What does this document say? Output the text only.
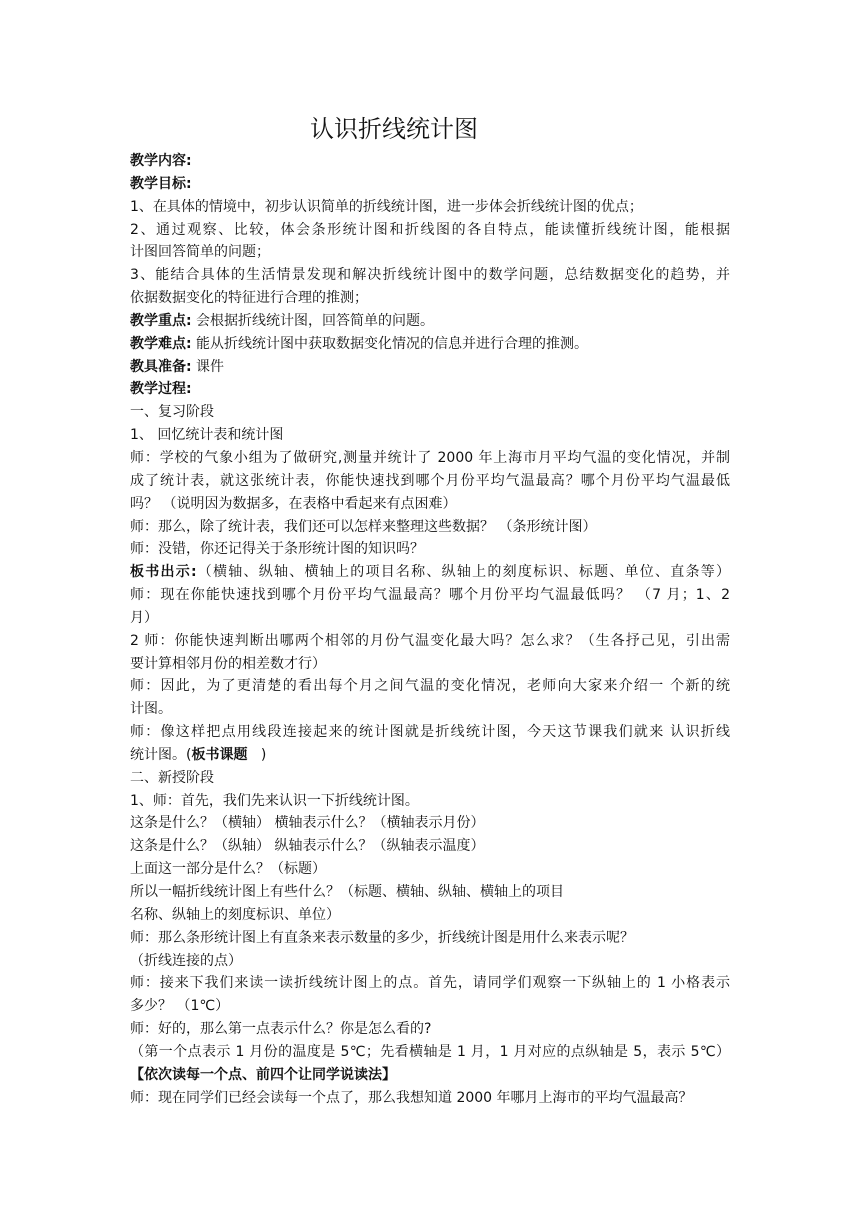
认识折线统计图
教学内容:
教学目标:
1、在具体的情境中，初步认识简单的折线统计图，进一步体会折线统计图的优点；
2、通过观察、比较，体会条形统计图和折线图的各自特点，能读懂折线统计图，能根据
计图回答简单的问题；
3、能结合具体的生活情景发现和解决折线统计图中的数学问题，总结数据变化的趋势，并
依据数据变化的特征进行合理的推测；
教学重点: 会根据折线统计图，回答简单的问题。
教学难点: 能从折线统计图中获取数据变化情况的信息并进行合理的推测。
教具准备: 课件
教学过程:
一、复习阶段
1、 回忆统计表和统计图
师：学校的气象小组为了做研究,测量并统计了 2000 年上海市月平均气温的变化情况，并制
成了统计表，就这张统计表，你能快速找到哪个月份平均气温最高？哪个月份平均气温最低
吗？ （说明因为数据多，在表格中看起来有点困难）
师：那么，除了统计表，我们还可以怎样来整理这些数据？ （条形统计图）
师：没错，你还记得关于条形统计图的知识吗？
板书出示:（横轴、纵轴、横轴上的项目名称、纵轴上的刻度标识、标题、单位、直条等）
师：现在你能快速找到哪个月份平均气温最高？哪个月份平均气温最低吗？ （7 月；1、2
月）
2 师：你能快速判断出哪两个相邻的月份气温变化最大吗？怎么求？（生各抒己见，引出需
要计算相邻月份的相差数才行）
师：因此，为了更清楚的看出每个月之间气温的变化情况，老师向大家来介绍一 个新的统
计图。
师：像这样把点用线段连接起来的统计图就是折线统计图，今天这节课我们就来 认识折线
统计图。(板书课题   )
二、新授阶段
1、师：首先，我们先来认识一下折线统计图。
这条是什么？（横轴） 横轴表示什么？（横轴表示月份）
这条是什么？（纵轴） 纵轴表示什么？（纵轴表示温度）
上面这一部分是什么？（标题）
所以一幅折线统计图上有些什么？（标题、横轴、纵轴、横轴上的项目
名称、纵轴上的刻度标识、单位）
师：那么条形统计图上有直条来表示数量的多少，折线统计图是用什么来表示呢？
（折线连接的点）
师：接来下我们来读一读折线统计图上的点。首先，请同学们观察一下纵轴上的 1 小格表示
多少？ （1℃）
师：好的，那么第一点表示什么？你是怎么看的?
（第一个点表示 1 月份的温度是 5℃；先看横轴是 1 月，1 月对应的点纵轴是 5，表示 5℃）
【依次读每一个点、前四个让同学说读法】
师：现在同学们已经会读每一个点了，那么我想知道 2000 年哪月上海市的平均气温最高？
